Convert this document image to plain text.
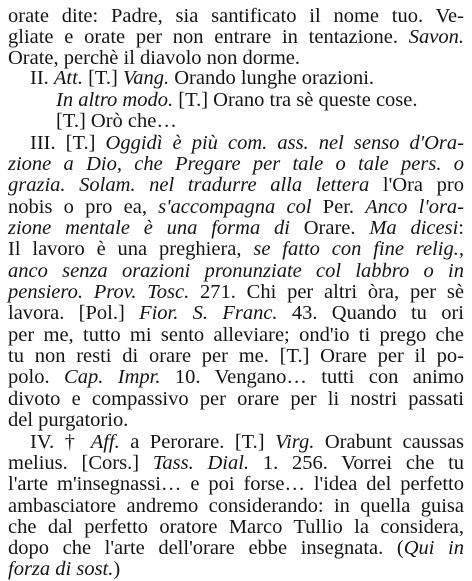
orate dite: Padre, sia santificato il nome tuo. Ve-
gliate e orate per non entrare in tentazione. Savon.
Orate, perchè il diavolo non dorme.
II. Att. [T.] Vang. Orando lunghe orazioni.
In altro modo. [T.] Orano tra sè queste cose.
[T.] Orò che…
III. [T.] Oggidì è più com. ass. nel senso d'Ora-
zione a Dio, che Pregare per tale o tale pers. o
grazia. Solam. nel tradurre alla lettera l'Ora pro
nobis o pro ea, s'accompagna col Per. Anco l'ora-
zione mentale è una forma di Orare. Ma dicesi:
Il lavoro è una preghiera, se fatto con fine relig.,
anco senza orazioni pronunziate col labbro o in
pensiero. Prov. Tosc. 271. Chi per altri òra, per sè
lavora. [Pol.] Fior. S. Franc. 43. Quando tu ori
per me, tutto mi sento alleviare; ond'io ti prego che
tu non resti di orare per me. [T.] Orare per il po-
polo. Cap. Impr. 10. Vengano… tutti con animo
divoto e compassivo per orare per li nostri passati
del purgatorio.
IV. † Aff. a Perorare. [T.] Virg. Orabunt caussas
melius. [Cors.] Tass. Dial. 1. 256. Vorrei che tu
l'arte m'insegnassi… e poi forse… l'idea del perfetto
ambasciatore andremo considerando: in quella guisa
che dal perfetto oratore Marco Tullio la considera,
dopo che l'arte dell'orare ebbe insegnata. (Qui in
forza di sost.)
